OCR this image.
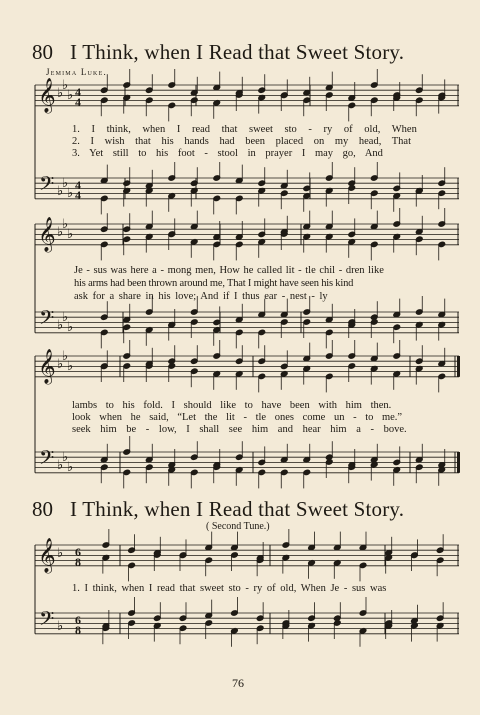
80 I Think, when I Read that Sweet Story.
Jemima Luke.
𝄞
𝄢
♭
♭
♭
♭
♭
♭
4
4
4
4
𝄞
𝄢
♭
♭
♭
♭
♭
♭
𝄞
𝄢
♭
♭
♭
♭
♭
♭
𝄞
𝄢
♭
♭
6
8
6
8
1. I think, when I read that sweet sto - ry of old, When
2. I wish that his hands had been placed on my head, That
3. Yet still to his foot - stool in prayer I may go, And
Je - sus was here a - mong men, How he called lit - tle chil - dren like
his arms had been thrown around me, That I might have seen his kind
ask for a share in his love; And if I thus ear - nest - ly
lambs to his fold. I should like to have been with him then.
look when he said, “Let the lit - tle ones come un - to me.”
seek him be - low, I shall see him and hear him a - bove.
80 I Think, when I Read that Sweet Story.
( Second Tune.)
1. I think, when I read that sweet sto - ry of old, When Je - sus was
76
